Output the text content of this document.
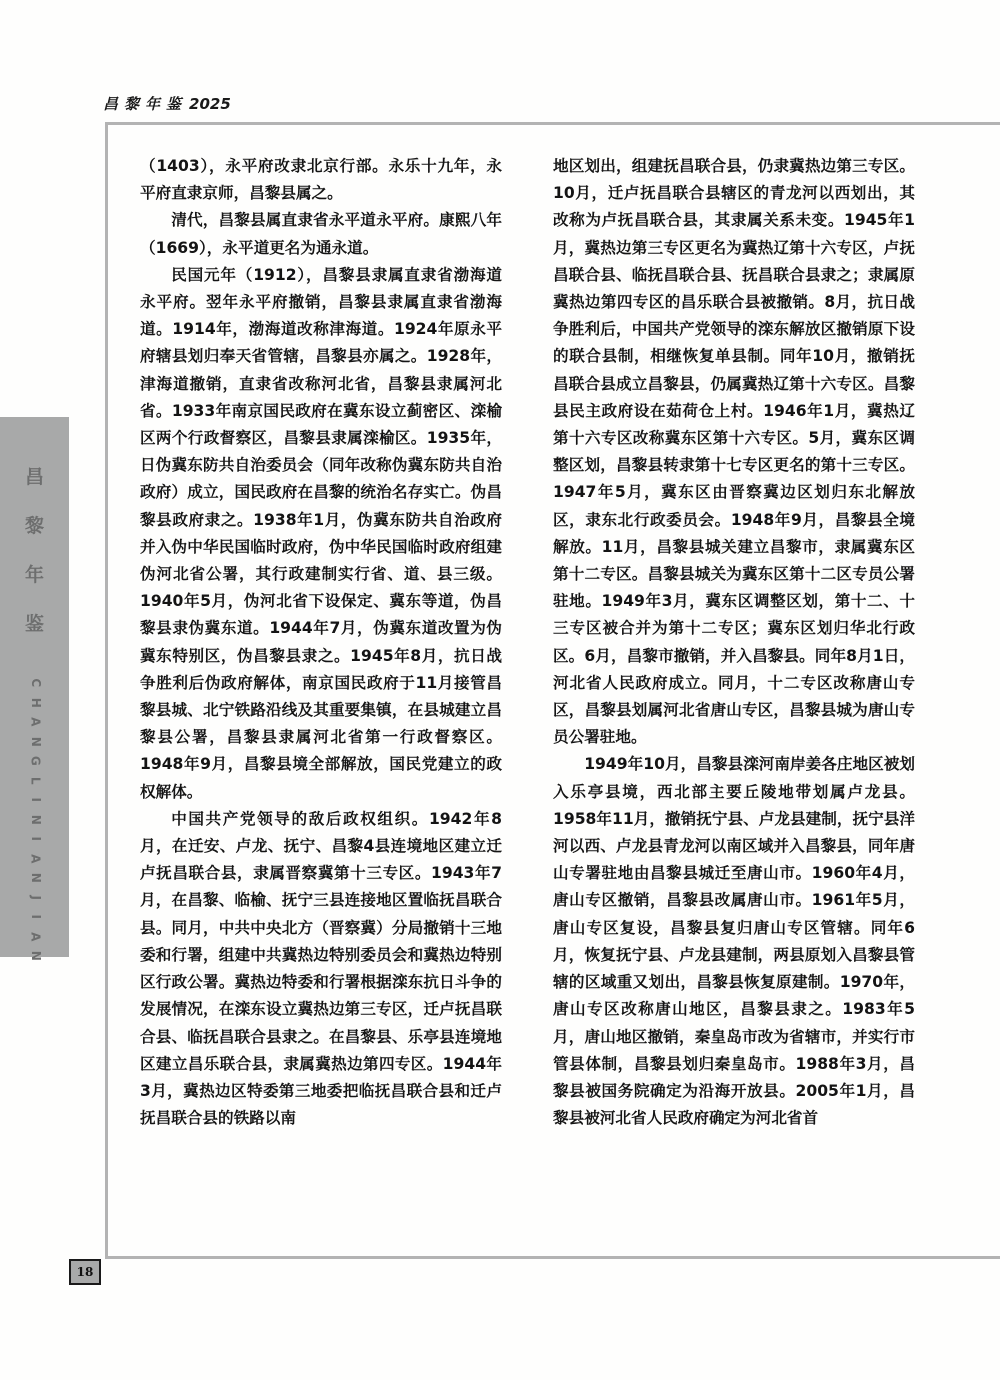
昌黎年鉴 2025
昌
黎
年
鉴
C
H
A
N
G
L
I
N
I
A
N
J
I
A
N

（1403），永平府改隶北京行部。永乐十九年，永平府直隶京师，昌黎县属之。

清代，昌黎县属直隶省永平道永平府。康熙八年（1669），永平道更名为通永道。

民国元年（1912），昌黎县隶属直隶省渤海道永平府。翌年永平府撤销，昌黎县隶属直隶省渤海道。1914年，渤海道改称津海道。1924年原永平府辖县划归奉天省管辖，昌黎县亦属之。1928年，津海道撤销，直隶省改称河北省，昌黎县隶属河北省。1933年南京国民政府在冀东设立蓟密区、滦榆区两个行政督察区，昌黎县隶属滦榆区。1935年，日伪冀东防共自治委员会（同年改称伪冀东防共自治政府）成立，国民政府在昌黎的统治名存实亡。伪昌黎县政府隶之。1938年1月，伪冀东防共自治政府并入伪中华民国临时政府，伪中华民国临时政府组建伪河北省公署，其行政建制实行省、道、县三级。1940年5月，伪河北省下设保定、冀东等道，伪昌黎县隶伪冀东道。1944年7月，伪冀东道改置为伪冀东特别区，伪昌黎县隶之。1945年8月，抗日战争胜利后伪政府解体，南京国民政府于11月接管昌黎县城、北宁铁路沿线及其重要集镇，在县城建立昌黎县公署，昌黎县隶属河北省第一行政督察区。1948年9月，昌黎县境全部解放，国民党建立的政权解体。

中国共产党领导的敌后政权组织。1942年8月，在迁安、卢龙、抚宁、昌黎4县连境地区建立迁卢抚昌联合县，隶属晋察冀第十三专区。1943年7月，在昌黎、临榆、抚宁三县连接地区置临抚昌联合县。同月，中共中央北方（晋察冀）分局撤销十三地委和行署，组建中共冀热边特别委员会和冀热边特别区行政公署。冀热边特委和行署根据滦东抗日斗争的发展情况，在滦东设立冀热边第三专区，迁卢抚昌联合县、临抚昌联合县隶之。在昌黎县、乐亭县连境地区建立昌乐联合县，隶属冀热边第四专区。1944年3月，冀热边区特委第三地委把临抚昌联合县和迁卢抚昌联合县的铁路以南

地区划出，组建抚昌联合县，仍隶冀热边第三专区。10月，迁卢抚昌联合县辖区的青龙河以西划出，其改称为卢抚昌联合县，其隶属关系未变。1945年1月，冀热边第三专区更名为冀热辽第十六专区，卢抚昌联合县、临抚昌联合县、抚昌联合县隶之；隶属原冀热边第四专区的昌乐联合县被撤销。8月，抗日战争胜利后，中国共产党领导的滦东解放区撤销原下设的联合县制，相继恢复单县制。同年10月，撤销抚昌联合县成立昌黎县，仍属冀热辽第十六专区。昌黎县民主政府设在茹荷仓上村。1946年1月，冀热辽第十六专区改称冀东区第十六专区。5月，冀东区调整区划，昌黎县转隶第十七专区更名的第十三专区。1947年5月，冀东区由晋察冀边区划归东北解放区，隶东北行政委员会。1948年9月，昌黎县全境解放。11月，昌黎县城关建立昌黎市，隶属冀东区第十二专区。昌黎县城关为冀东区第十二区专员公署驻地。1949年3月，冀东区调整区划，第十二、十三专区被合并为第十二专区；冀东区划归华北行政区。6月，昌黎市撤销，并入昌黎县。同年8月1日，河北省人民政府成立。同月，十二专区改称唐山专区，昌黎县划属河北省唐山专区，昌黎县城为唐山专员公署驻地。

1949年10月，昌黎县滦河南岸姜各庄地区被划入乐亭县境，西北部主要丘陵地带划属卢龙县。1958年11月，撤销抚宁县、卢龙县建制，抚宁县洋河以西、卢龙县青龙河以南区域并入昌黎县，同年唐山专署驻地由昌黎县城迁至唐山市。1960年4月，唐山专区撤销，昌黎县改属唐山市。1961年5月，唐山专区复设，昌黎县复归唐山专区管辖。同年6月，恢复抚宁县、卢龙县建制，两县原划入昌黎县管辖的区域重又划出，昌黎县恢复原建制。1970年，唐山专区改称唐山地区，昌黎县隶之。1983年5月，唐山地区撤销，秦皇岛市改为省辖市，并实行市管县体制，昌黎县划归秦皇岛市。1988年3月，昌黎县被国务院确定为沿海开放县。2005年1月，昌黎县被河北省人民政府确定为河北省首

18
